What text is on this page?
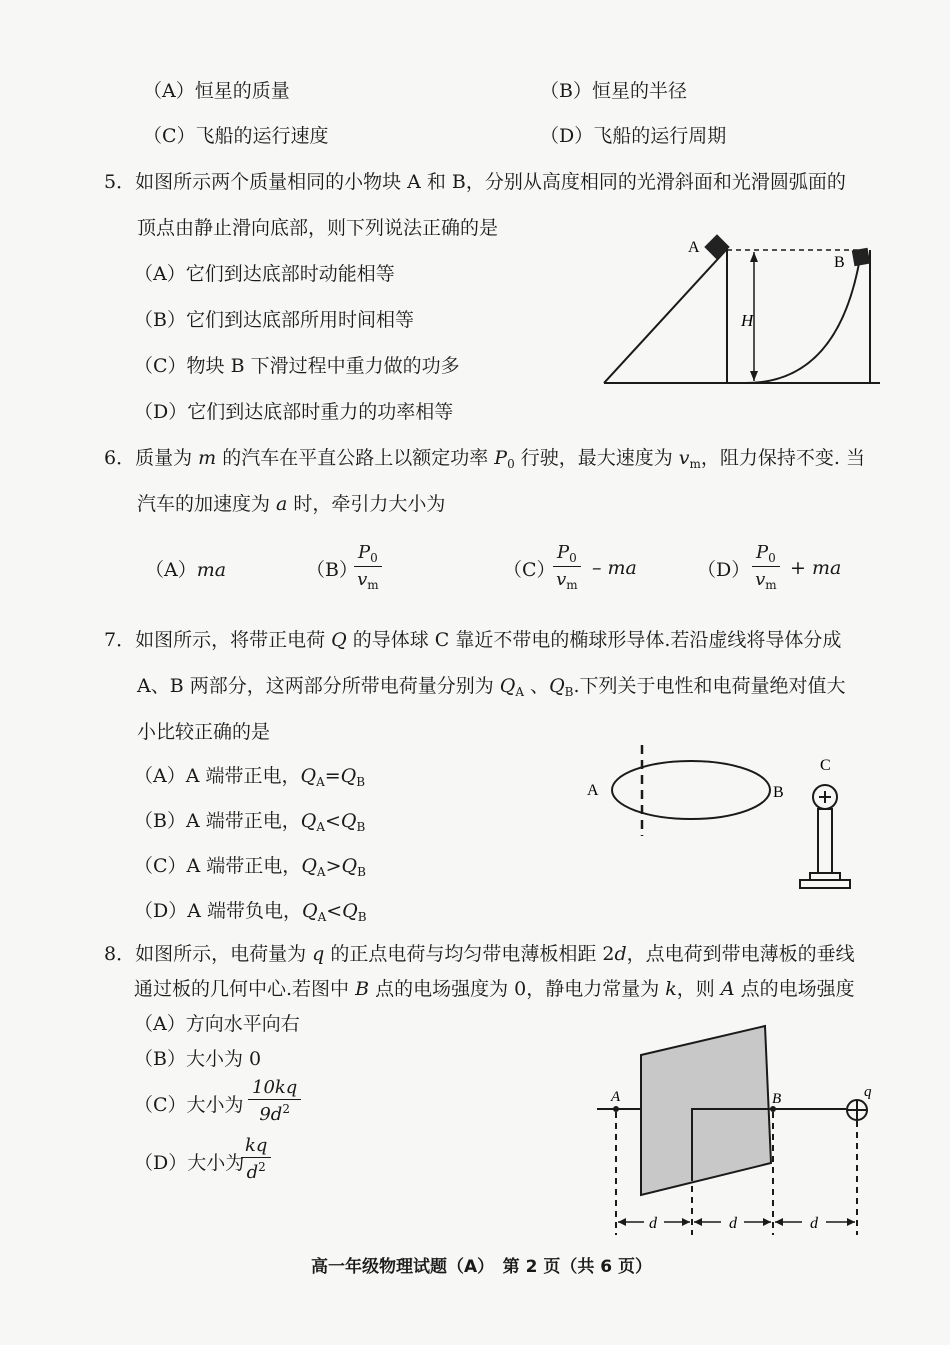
（A）恒星的质量	（B）恒星的半径
（C）飞船的运行速度	（D）飞船的运行周期
5．如图所示两个质量相同的小物块 A 和 B，分别从高度相同的光滑斜面和光滑圆弧面的
顶点由静止滑向底部，则下列说法正确的是
（A）它们到达底部时动能相等
（B）它们到达底部所用时间相等
（C）物块 B 下滑过程中重力做的功多
（D）它们到达底部时重力的功率相等
A
B
H
6．质量为 m 的汽车在平直公路上以额定功率 $P_0$ 行驶，最大速度为 $v_m$，阻力保持不变. 当
汽车的加速度为 a 时，牵引力大小为
（A）ma	（B）
$\frac{P_0}{v_m}$	（C）
$\frac{P_0}{v_m}$ – ma	$(D) \frac{P_0}{v_m}$ + ma
7．如图所示，将带正电荷 Q 的导体球 C 靠近不带电的椭球形导体.若沿虚线将导体分成
A、B 两部分，这两部分所带电荷量分别为 $Q_A$ 、$Q_B$.下列关于电性和电荷量绝对值大
小比较正确的是
（A）A 端带正电，$Q_A=Q_B$
（B）A 端带正电，$Q_A<Q_B$
（C）A 端带正电，$Q_A>Q_B$
（D）A 端带负电，$Q_A<Q_B$
A	B
C
8．如图所示，电荷量为 q 的正点电荷与均匀带电薄板相距 2d，点电荷到带电薄板的垂线
通过板的几何中心.若图中 B 点的电场强度为 0，静电力常量为 k，则 A 点的电场强度
（A）方向水平向右
（B）大小为 0
（C）大小为 $\frac{10kq}{9d^2}$
（D）大小为
$\frac{kq}{d^2}$
A	B	q
d	d	d
高一年级物理试题（A）　第 2 页（共 6 页）
